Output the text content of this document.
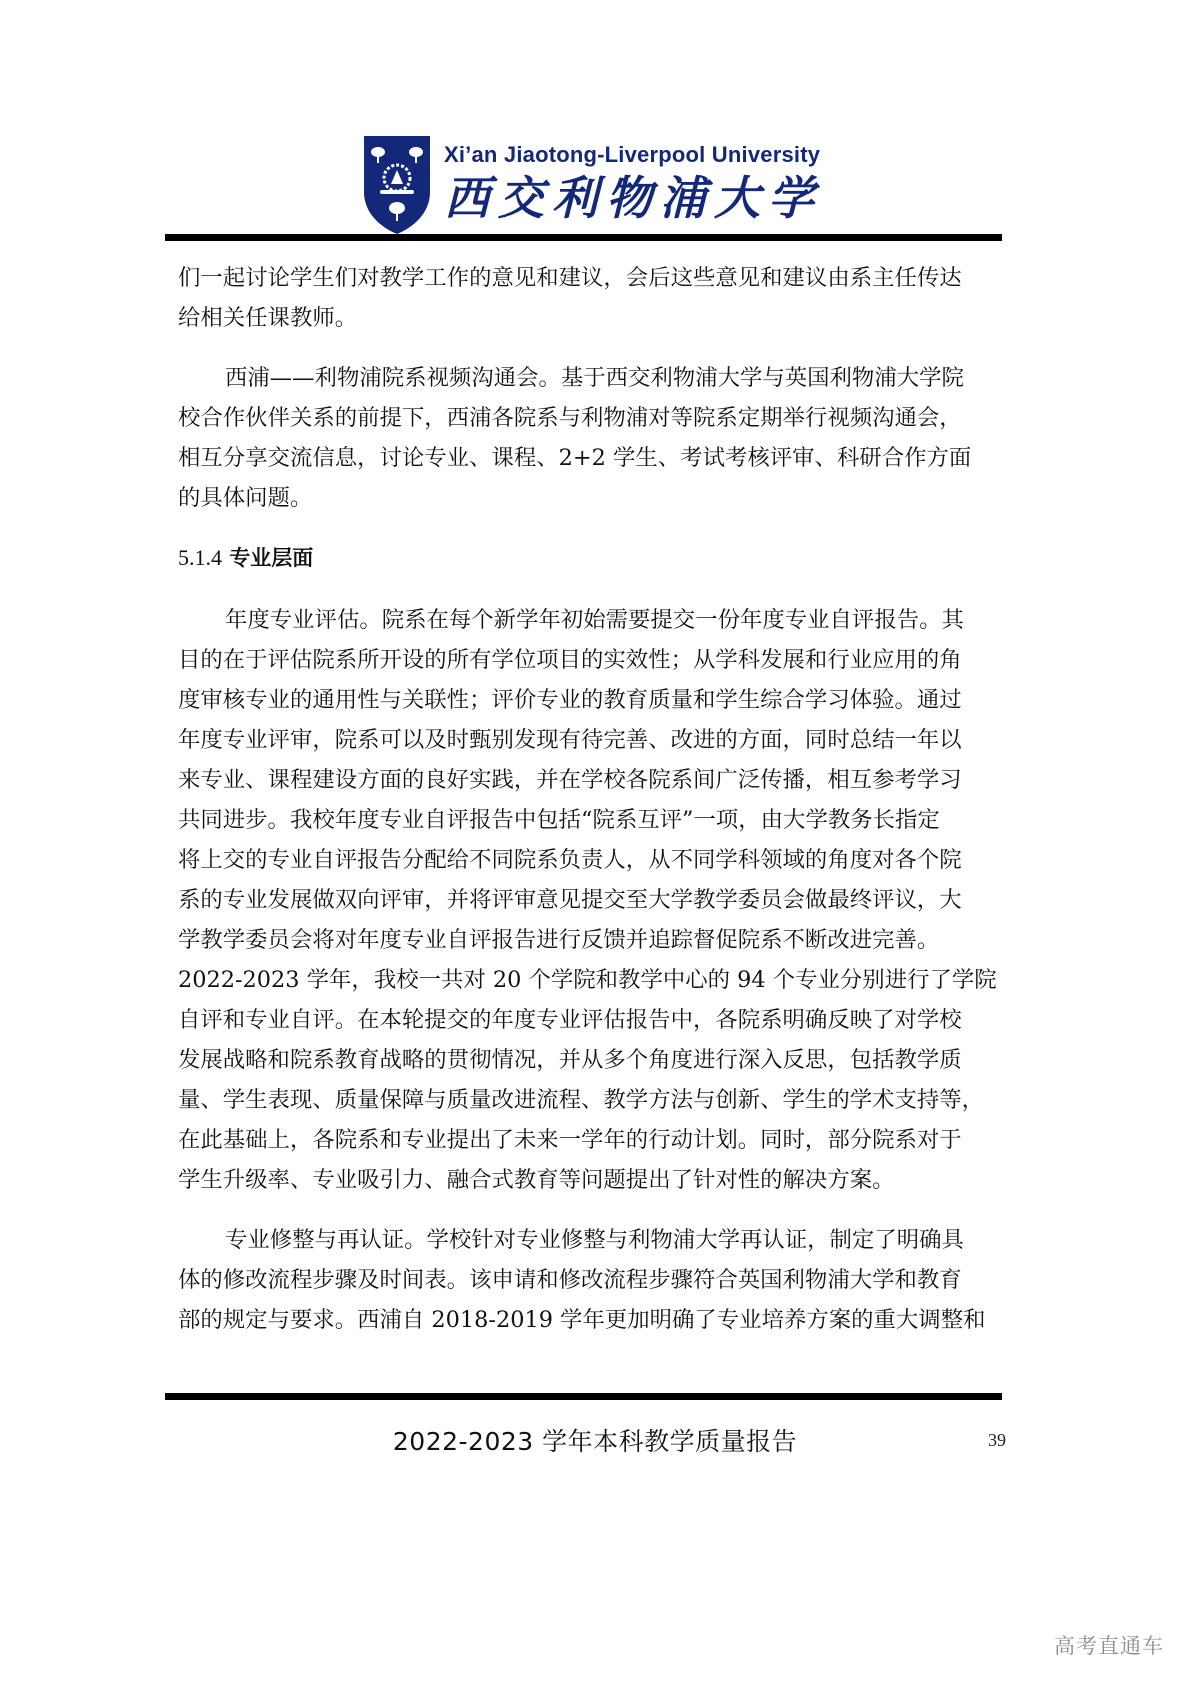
Xi’an Jiaotong-Liverpool University
西交利物浦大学

们一起讨论学生们对教学工作的意见和建议，会后这些意见和建议由系主任传达
给相关任课教师。

西浦——利物浦院系视频沟通会。基于西交利物浦大学与英国利物浦大学院
校合作伙伴关系的前提下，西浦各院系与利物浦对等院系定期举行视频沟通会，
相互分享交流信息，讨论专业、课程、2+2 学生、考试考核评审、科研合作方面
的具体问题。

5.1.4 专业层面

年度专业评估。院系在每个新学年初始需要提交一份年度专业自评报告。其
目的在于评估院系所开设的所有学位项目的实效性；从学科发展和行业应用的角
度审核专业的通用性与关联性；评价专业的教育质量和学生综合学习体验。通过
年度专业评审，院系可以及时甄别发现有待完善、改进的方面，同时总结一年以
来专业、课程建设方面的良好实践，并在学校各院系间广泛传播，相互参考学习
共同进步。我校年度专业自评报告中包括“院系互评”一项，由大学教务长指定
将上交的专业自评报告分配给不同院系负责人，从不同学科领域的角度对各个院
系的专业发展做双向评审，并将评审意见提交至大学教学委员会做最终评议，大
学教学委员会将对年度专业自评报告进行反馈并追踪督促院系不断改进完善。
2022-2023 学年，我校一共对 20 个学院和教学中心的 94 个专业分别进行了学院
自评和专业自评。在本轮提交的年度专业评估报告中，各院系明确反映了对学校
发展战略和院系教育战略的贯彻情况，并从多个角度进行深入反思，包括教学质
量、学生表现、质量保障与质量改进流程、教学方法与创新、学生的学术支持等，
在此基础上，各院系和专业提出了未来一学年的行动计划。同时，部分院系对于
学生升级率、专业吸引力、融合式教育等问题提出了针对性的解决方案。

专业修整与再认证。学校针对专业修整与利物浦大学再认证，制定了明确具
体的修改流程步骤及时间表。该申请和修改流程步骤符合英国利物浦大学和教育
部的规定与要求。西浦自 2018-2019 学年更加明确了专业培养方案的重大调整和

2022-2023 学年本科教学质量报告	39
高考直通车
